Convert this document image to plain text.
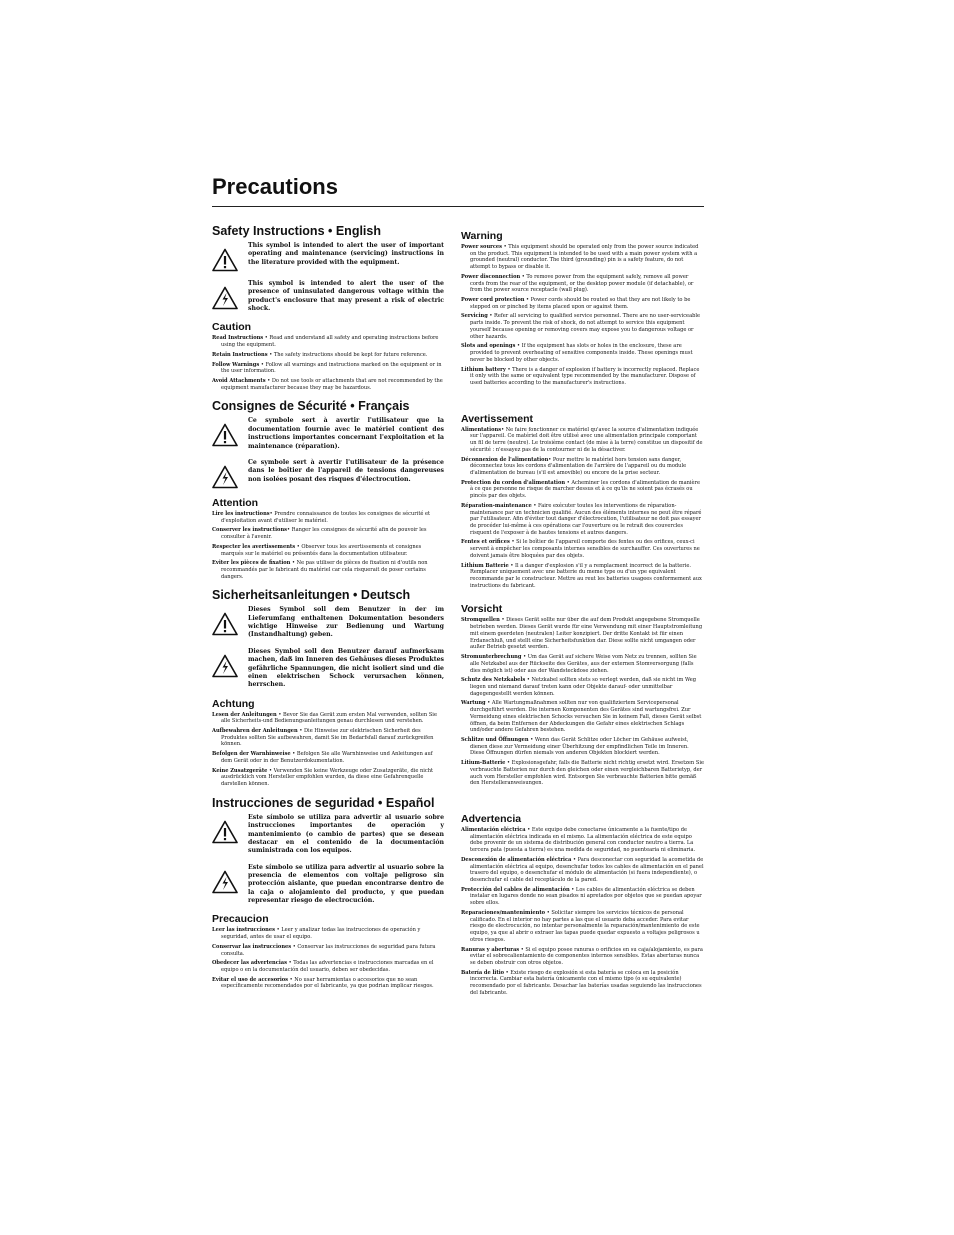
Precautions
Safety Instructions • English
This symbol is intended to alert the user of important operating and maintenance (servicing) instructions in the literature provided with the equipment.
This symbol is intended to alert the user of the presence of uninsulated dangerous voltage within the product's enclosure that may present a risk of electric shock.
Caution

Read Instructions • Read and understand all safety and operating instructions before using the equipment.

Retain Instructions • The safety instructions should be kept for future reference.

Follow Warnings • Follow all warnings and instructions marked on the equipment or in the user information.

Avoid Attachments • Do not use tools or attachments that are not recommended by the equipment manufacturer because they may be hazardous.

Consignes de Sécurité • Français
Ce symbole sert à avertir l'utilisateur que la documentation fournie avec le matériel contient des instructions importantes concernant l'exploitation et la maintenance (réparation).
Ce symbole sert à avertir l'utilisateur de la présence dans le boîtier de l'appareil de tensions dangereuses non isolées posant des risques d'électrocution.
Attention

Lire les instructions• Prendre connaissance de toutes les consignes de sécurité et d'exploitation avant d'utiliser le matériel.

Conserver les instructions• Ranger les consignes de sécurité afin de pouvoir les consulter à l'avenir.

Respecter les avertissements • Observer tous les avertissements et consignes marqués sur le matériel ou présentés dans la documentation utilisateur.

Eviter les pièces de fixation • Ne pas utiliser de pièces de fixation ni d'outils non recommandés par le fabricant du matériel car cela risquerait de poser certains dangers.

Sicherheitsanleitungen • Deutsch
Dieses Symbol soll dem Benutzer in der im Lieferumfang enthaltenen Dokumentation besonders wichtige Hinweise zur Bedienung und Wartung (Instandhaltung) geben.
Dieses Symbol soll den Benutzer darauf aufmerksam machen, daß im Inneren des Gehäuses dieses Produktes gefährliche Spannungen, die nicht isoliert sind und die einen elektrischen Schock verursachen können, herrschen.
Achtung

Lesen der Anleitungen • Bevor Sie das Gerät zum ersten Mal verwenden, sollten Sie alle Sicherheits-und Bedienungsanleitungen genau durchlesen und verstehen.

Aufbewahren der Anleitungen • Die Hinweise zur elektrischen Sicherheit des Produktes sollten Sie aufbewahren, damit Sie im Bedarfsfall darauf zurückgreifen können.

Befolgen der Warnhinweise • Befolgen Sie alle Warnhinweise und Anleitungen auf dem Gerät oder in der Benutzerdokumentation.

Keine Zusatzgeräte • Verwenden Sie keine Werkzeuge oder Zusatzgeräte, die nicht ausdrücklich vom Hersteller empfohlen wurden, da diese eine Gefahrenquelle darstellen können.

Instrucciones de seguridad • Español
Este símbolo se utiliza para advertir al usuario sobre instrucciones importantes de operación y mantenimiento (o cambio de partes) que se desean destacar en el contenido de la documentación suministrada con los equipos.
Este símbolo se utiliza para advertir al usuario sobre la presencia de elementos con voltaje peligroso sin protección aislante, que puedan encontrarse dentro de la caja o alojamiento del producto, y que puedan representar riesgo de electrocución.
Precaucion

Leer las instrucciones • Leer y analizar todas las instrucciones de operación y seguridad, antes de usar el equipo.

Conservar las instrucciones • Conservar las instrucciones de seguridad para futura consulta.

Obedecer las advertencias • Todas las advertencias e instrucciones marcadas en el equipo o en la documentación del usuario, deben ser obedecidas.

Evitar el uso de accesorios • No usar herramientas o accesorios que no sean específicamente recomendados por el fabricante, ya que podrian implicar riesgos.

Warning

Power sources • This equipment should be operated only from the power source indicated on the product. This equipment is intended to be used with a main power system with a grounded (neutral) conductor. The third (grounding) pin is a safety feature, do not attempt to bypass or disable it.

Power disconnection • To remove power from the equipment safely, remove all power cords from the rear of the equipment, or the desktop power module (if detachable), or from the power source receptacle (wall plug).

Power cord protection • Power cords should be routed so that they are not likely to be stepped on or pinched by items placed upon or against them.

Servicing • Refer all servicing to qualified service personnel. There are no user-serviceable parts inside. To prevent the risk of shock, do not attempt to service this equipment yourself because opening or removing covers may expose you to dangerous voltage or other hazards.

Slots and openings • If the equipment has slots or holes in the enclosure, these are provided to prevent overheating of sensitive components inside. These openings must never be blocked by other objects.

Lithium battery • There is a danger of explosion if battery is incorrectly replaced. Replace it only with the same or equivalent type recommended by the manufacturer. Dispose of used batteries according to the manufacturer's instructions.

Avertissement

Alimentations• Ne faire fonctionner ce matériel qu'avec la source d'alimentation indiquée sur l'appareil. Ce matériel doit être utilisé avec une alimentation principale comportant un fil de terre (neutre). Le troisième contact (de mise à la terre) constitue un dispositif de sécurité : n'essayez pas de la contourner ni de la désactiver.

Déconnexion de l'alimentation• Pour mettre le matériel hors tension sans danger, déconnectez tous les cordons d'alimentation de l'arrière de l'appareil ou du module d'alimentation de bureau (s'il est amovible) ou encore de la prise secteur.

Protection du cordon d'alimentation • Acheminer les cordons d'alimentation de manière à ce que personne ne risque de marcher dessus et à ce qu'ils ne soient pas écrasés ou pincés par des objets.

Réparation-maintenance • Faire exécuter toutes les interventions de réparation-maintenance par un technicien qualifié. Aucun des éléments internes ne peut être réparé par l'utilisateur. Afin d'éviter tout danger d'électrocution, l'utilisateur ne doit pas essayer de procéder lui-même à ces opérations car l'ouverture ou le retrait des couvercles risquent de l'exposer à de hautes tensions et autres dangers.

Fentes et orifices • Si le boîtier de l'appareil comporte des fentes ou des orifices, ceux-ci servent à empêcher les composants internes sensibles de surchauffer. Ces ouvertures ne doivent jamais être bloquées par des objets.

Lithium Batterie • Il a danger d'explosion s'il y a remplacment incorrect de la batterie. Remplacer uniquement avec une batterie du meme type ou d'un ype equivalent recommande par le constructeur. Mettre au reut les batteries usagees conformement aux instructions du fabricant.

Vorsicht

Stromquellen • Dieses Gerät sollte nur über die auf dem Produkt angegebene Stromquelle betrieben werden. Dieses Gerät wurde für eine Verwendung mit einer Hauptstromleitung mit einem geerdeten (neutralen) Leiter konzipiert. Der dritte Kontakt ist für einen Erdanschluß, und stellt eine Sicherheitsfunktion dar. Diese sollte nicht umgangen oder außer Betrieb gesetzt werden.

Stromunterbrechung • Um das Gerät auf sichere Weise vom Netz zu trennen, sollten Sie alle Netzkabel aus der Rückseite des Gerätes, aus der externen Stomversorgung (falls dies möglich ist) oder aus der Wandsteckdose ziehen.

Schutz des Netzkabels • Netzkabel sollten stets so verlegt werden, daß sie nicht im Weg liegen und niemand darauf treten kann oder Objekte darauf- oder unmittelbar dagegengestellt werden können.

Wartung • Alle Wartungmaßnahmen sollten nur von qualifiziertem Servicepersonal durchgeführt werden. Die internen Komponenten des Gerätes sind wartungsfrei. Zur Vermeidung eines elektrischen Schocks versuchen Sie in keinem Fall, dieses Gerät selbst öffnen, da beim Entfernen der Abdeckungen die Gefahr eines elektrischen Schlags und/oder andere Gefahren bestehen.

Schlitze und Öffnungen • Wenn das Gerät Schlitze oder Löcher im Gehäuse aufweist, dienen diese zur Vermeidung einer Überhitzung der empfindlichen Teile im Inneren. Diese Öffnungen dürfen niemals von anderen Objekten blockiert werden.

Litium-Batterie • Explosionsgefahr, falls die Batterie nicht richtig ersetzt wird. Ersetzen Sie verbrauchte Batterien nur durch den gleichen oder einen vergleichbaren Batterietyp, der auch vom Hersteller empfohlen wird. Entsorgen Sie verbrauchte Batterien bitte gemäß den Herstelleranweisungen.

Advertencia

Alimentación eléctrica • Este equipo debe conectarse únicamente a la fuente/tipo de alimentación eléctrica indicada en el mismo. La alimentación eléctrica de este equipo debe provenir de un sistema de distribución general con conductor neutro a tierra. La tercera pata (puesta a tierra) es una medida de seguridad, no puentearia ni eliminaria.

Desconexión de alimentación eléctrica • Para desconectar con seguridad la acometida de alimentación eléctrica al equipo, desenchufar todos los cables de alimentación en el panel trasero del equipo, o desenchufar el módulo de alimentación (si fuera independiente), o desenchufar el cable del receptáculo de la pared.

Protección del cables de alimentación • Los cables de alimentación eléctrica se deben instalar en lugares donde no sean pisados ni apretados por objetos que se puedan apoyar sobre ellos.

Reparaciones/mantenimiento • Solicitar siempre los servicios técnicos de personal calificado. En el interior no hay partes a las que el usuario deba acceder. Para evitar riesgo de electrocución, no intentar personalmente la reparación/mantenimiento de este equipo, ya que al abrir o extraer las tapas puede quedar expuesto a voltajes peligrosos u otros riesgos.

Ranuras y aberturas • Si el equipo posee ranuras o orificios en su caja/alojamiento, es para evitar el sobrecalientamiento de componentes internos sensibles. Estas aberturas nunca se deben obstruir con otros objetos.

Batería de litio • Existe riesgo de explosión si esta batería se coloca en la posición incorrecta. Cambiar esta batería únicamente con el mismo tipo (o su equivalente) recomendado por el fabricante. Desachar las baterías usadas seguiendo las instrucciones del fabricante.
